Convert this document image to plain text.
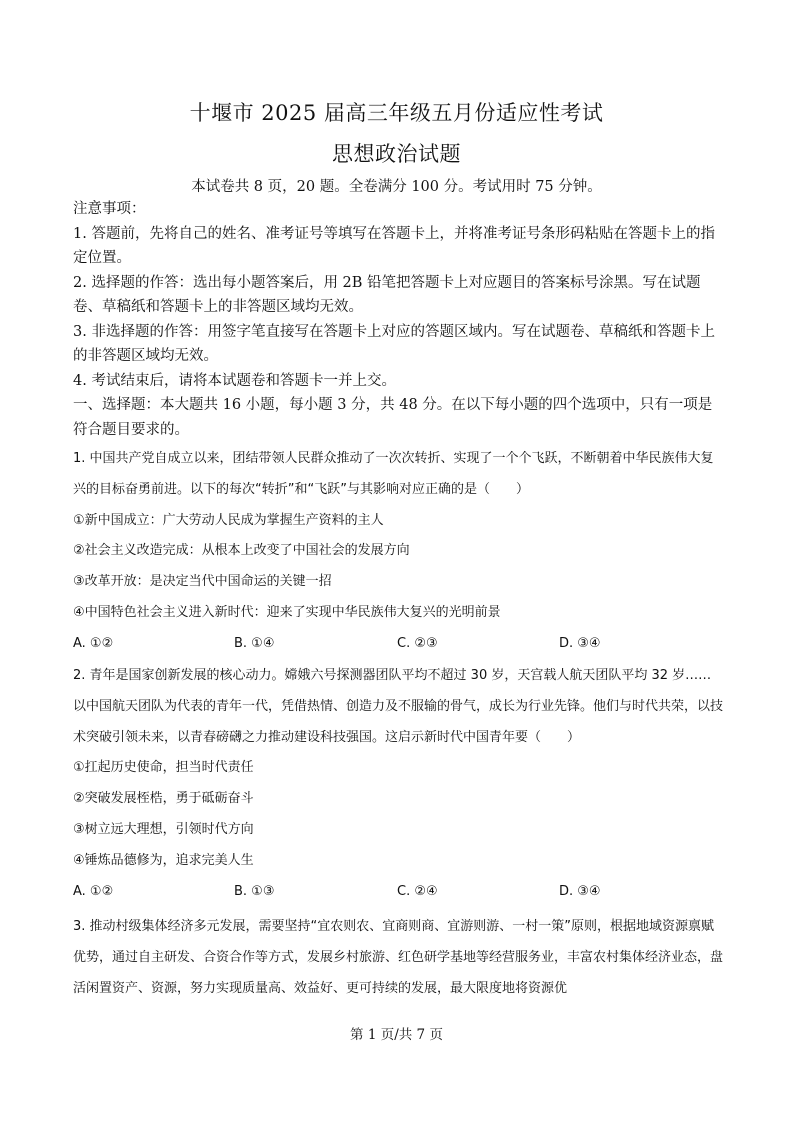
十堰市 2025 届高三年级五月份适应性考试
思想政治试题
本试卷共 8 页，20 题。全卷满分 100 分。考试用时 75 分钟。

注意事项：

1. 答题前，先将自己的姓名、准考证号等填写在答题卡上，并将准考证号条形码粘贴在答题卡上的指定位置。

2. 选择题的作答：选出每小题答案后，用 2B 铅笔把答题卡上对应题目的答案标号涂黑。写在试题卷、草稿纸和答题卡上的非答题区域均无效。

3. 非选择题的作答：用签字笔直接写在答题卡上对应的答题区域内。写在试题卷、草稿纸和答题卡上的非答题区域均无效。

4. 考试结束后，请将本试题卷和答题卡一并上交。

一、选择题：本大题共 16 小题，每小题 3 分，共 48 分。在以下每小题的四个选项中，只有一项是符合题目要求的。

1. 中国共产党自成立以来，团结带领人民群众推动了一次次转折、实现了一个个飞跃，不断朝着中华民族伟大复兴的目标奋勇前进。以下的每次“转折”和“飞跃”与其影响对应正确的是（　　）

①新中国成立：广大劳动人民成为掌握生产资料的主人

②社会主义改造完成：从根本上改变了中国社会的发展方向

③改革开放：是决定当代中国命运的关键一招

④中国特色社会主义进入新时代：迎来了实现中华民族伟大复兴的光明前景

A. ①②	B. ①④	C. ②③	D. ③④

2. 青年是国家创新发展的核心动力。嫦娥六号探测器团队平均不超过 30 岁，天宫载人航天团队平均 32 岁……以中国航天团队为代表的青年一代，凭借热情、创造力及不服输的骨气，成长为行业先锋。他们与时代共荣，以技术突破引领未来，以青春磅礴之力推动建设科技强国。这启示新时代中国青年要（　　）

①扛起历史使命，担当时代责任

②突破发展桎梏，勇于砥砺奋斗

③树立远大理想，引领时代方向

④锤炼品德修为，追求完美人生

A. ①②	B. ①③	C. ②④	D. ③④

3. 推动村级集体经济多元发展，需要坚持“宜农则农、宜商则商、宜游则游、一村一策”原则，根据地域资源禀赋优势，通过自主研发、合资合作等方式，发展乡村旅游、红色研学基地等经营服务业，丰富农村集体经济业态，盘活闲置资产、资源，努力实现质量高、效益好、更可持续的发展，最大限度地将资源优

第 1 页/共 7 页
